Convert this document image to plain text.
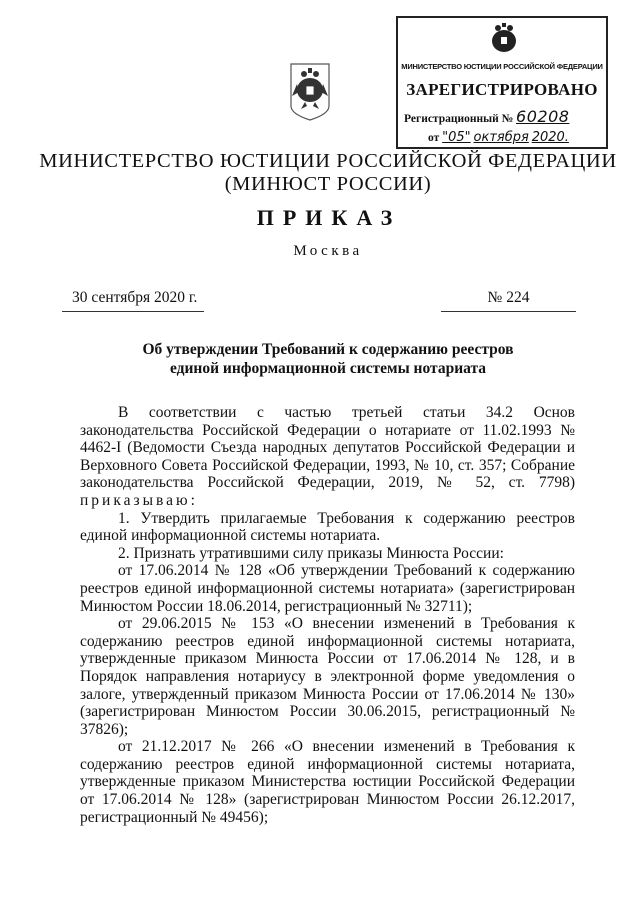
МИНИСТЕРСТВО ЮСТИЦИИ РОССИЙСКОЙ ФЕДЕРАЦИИ
ЗАРЕГИСТРИРОВАНО
Регистрационный № 60208
от "05" октября 2020.
МИНИСТЕРСТВО ЮСТИЦИИ РОССИЙСКОЙ ФЕДЕРАЦИИ
(МИНЮСТ РОССИИ)
ПРИКАЗ
Москва
30 сентября 2020 г.	№ 224
Об утверждении Требований к содержанию реестров
единой информационной системы нотариата

В соответствии с частью третьей статьи 34.2 Основ законодательства Российской Федерации о нотариате от 11.02.1993 № 4462-I (Ведомости Съезда народных депутатов Российской Федерации и Верховного Совета Российской Федерации, 1993, № 10, ст. 357; Собрание законодательства Российской Федерации, 2019, № 52, ст. 7798) приказываю:

1. Утвердить прилагаемые Требования к содержанию реестров единой информационной системы нотариата.

2. Признать утратившими силу приказы Минюста России:

от 17.06.2014 № 128 «Об утверждении Требований к содержанию реестров единой информационной системы нотариата» (зарегистрирован Минюстом России 18.06.2014, регистрационный № 32711);

от 29.06.2015 № 153 «О внесении изменений в Требования к содержанию реестров единой информационной системы нотариата, утвержденные приказом Минюста России от 17.06.2014 № 128, и в Порядок направления нотариусу в электронной форме уведомления о залоге, утвержденный приказом Минюста России от 17.06.2014 № 130» (зарегистрирован Минюстом России 30.06.2015, регистрационный № 37826);

от 21.12.2017 № 266 «О внесении изменений в Требования к содержанию реестров единой информационной системы нотариата, утвержденные приказом Министерства юстиции Российской Федерации от 17.06.2014 № 128» (зарегистрирован Минюстом России 26.12.2017, регистрационный № 49456);
